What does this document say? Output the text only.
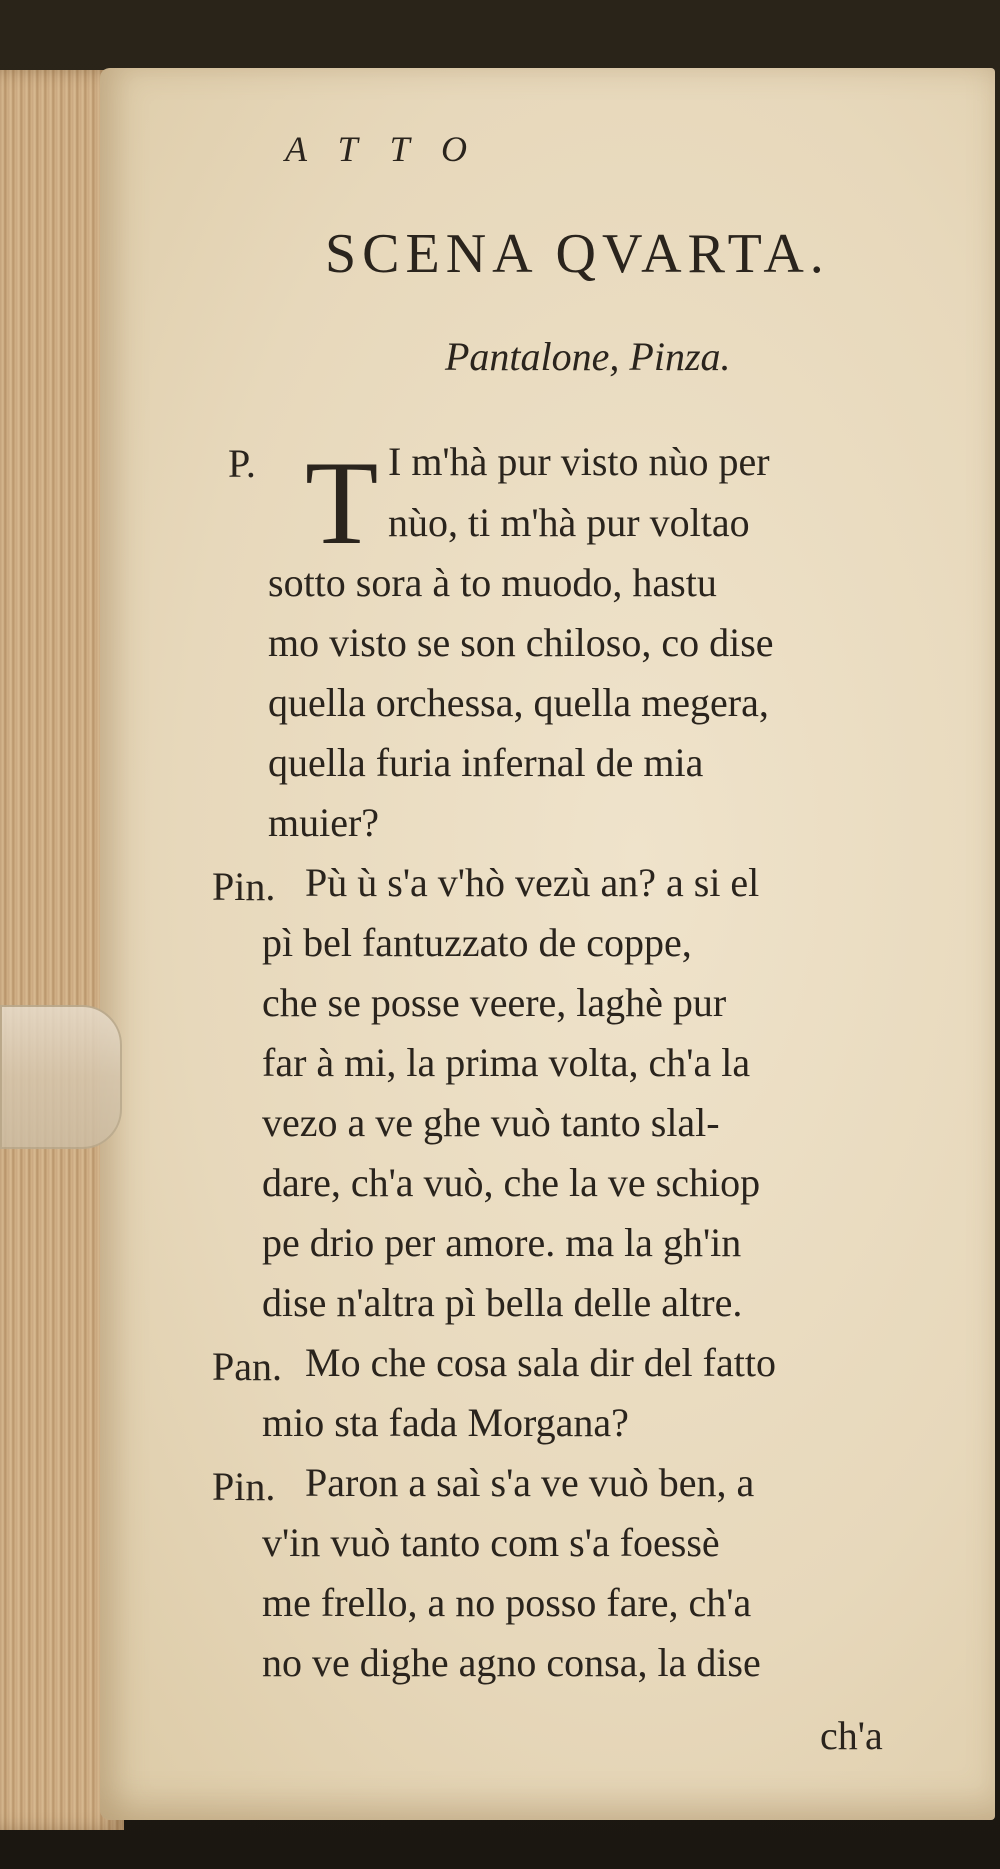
ATTO
SCENA QVARTA.
Pantalone, Pinza.
P. T I m'hà pur visto nùo per
nùo, ti m'hà pur voltao
sotto sora à to muodo, hastu
mo visto se son chiloso, co dise
quella orchessa, quella megera,
quella furia infernal de mia
muier?
Pin. Pù ù s'a v'hò vezù an? a si el
pì bel fantuzzato de coppe,
che se posse veere, laghè pur
far à mi, la prima volta, ch'a la
vezo a ve ghe vuò tanto slal-
dare, ch'a vuò, che la ve schiop
pe drio per amore. ma la gh'in
dise n'altra pì bella delle altre.
Pan. Mo che cosa sala dir del fatto
mio sta fada Morgana?
Pin. Paron a saì s'a ve vuò ben, a
v'in vuò tanto com s'a foessè
me frello, a no posso fare, ch'a
no ve dighe agno consa, la dise
ch'a
